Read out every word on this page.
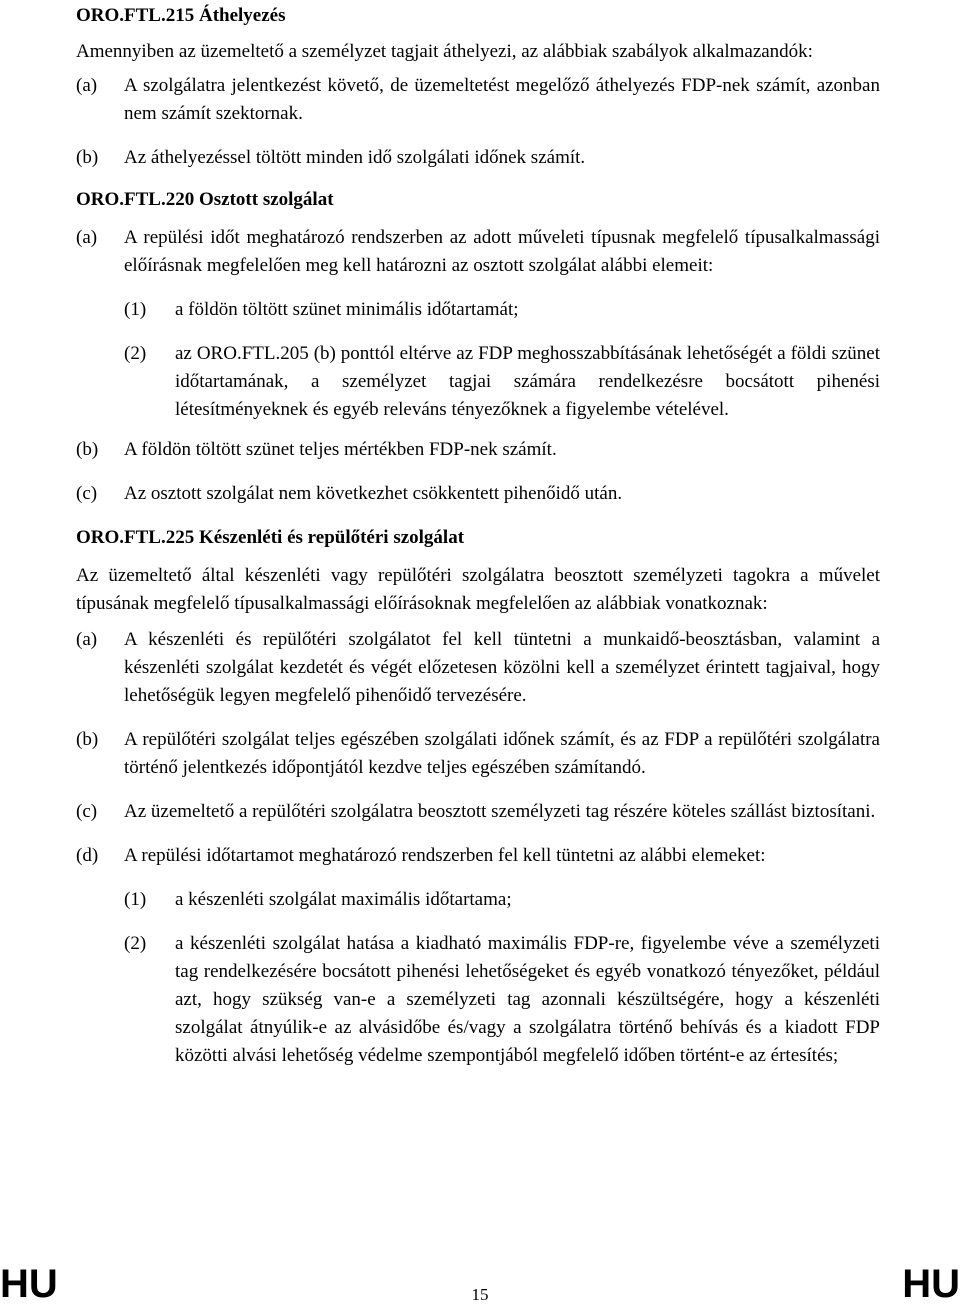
ORO.FTL.215 Áthelyezés

Amennyiben az üzemeltető a személyzet tagjait áthelyezi, az alábbiak szabályok alkalmazandók:

(a)	A szolgálatra jelentkezést követő, de üzemeltetést megelőző áthelyezés FDP-nek számít, azonban nem számít szektornak.
(b)	Az áthelyezéssel töltött minden idő szolgálati időnek számít.

ORO.FTL.220 Osztott szolgálat

(a)	A repülési időt meghatározó rendszerben az adott műveleti típusnak megfelelő típusalkalmassági előírásnak megfelelően meg kell határozni az osztott szolgálat alábbi elemeit:
(1)	a földön töltött szünet minimális időtartamát;
(2)	az ORO.FTL.205 (b) ponttól eltérve az FDP meghosszabbításának lehetőségét a földi szünet időtartamának, a személyzet tagjai számára rendelkezésre bocsátott pihenési létesítményeknek és egyéb releváns tényezőknek a figyelembe vételével.
(b)	A földön töltött szünet teljes mértékben FDP-nek számít.
(c)	Az osztott szolgálat nem következhet csökkentett pihenőidő után.

ORO.FTL.225 Készenléti és repülőtéri szolgálat

Az üzemeltető által készenléti vagy repülőtéri szolgálatra beosztott személyzeti tagokra a művelet típusának megfelelő típusalkalmassági előírásoknak megfelelően az alábbiak vonatkoznak:

(a)	A készenléti és repülőtéri szolgálatot fel kell tüntetni a munkaidő-beosztásban, valamint a készenléti szolgálat kezdetét és végét előzetesen közölni kell a személyzet érintett tagjaival, hogy lehetőségük legyen megfelelő pihenőidő tervezésére.
(b)	A repülőtéri szolgálat teljes egészében szolgálati időnek számít, és az FDP a repülőtéri szolgálatra történő jelentkezés időpontjától kezdve teljes egészében számítandó.
(c)	Az üzemeltető a repülőtéri szolgálatra beosztott személyzeti tag részére köteles szállást biztosítani.
(d)	A repülési időtartamot meghatározó rendszerben fel kell tüntetni az alábbi elemeket:
(1)	a készenléti szolgálat maximális időtartama;
(2)	a készenléti szolgálat hatása a kiadható maximális FDP-re, figyelembe véve a személyzeti tag rendelkezésére bocsátott pihenési lehetőségeket és egyéb vonatkozó tényezőket, például azt, hogy szükség van-e a személyzeti tag azonnali készültségére, hogy a készenléti szolgálat átnyúlik-e az alvásidőbe és/vagy a szolgálatra történő behívás és a kiadott FDP közötti alvási lehetőség védelme szempontjából megfelelő időben történt-e az értesítés;
HU	15	HU
